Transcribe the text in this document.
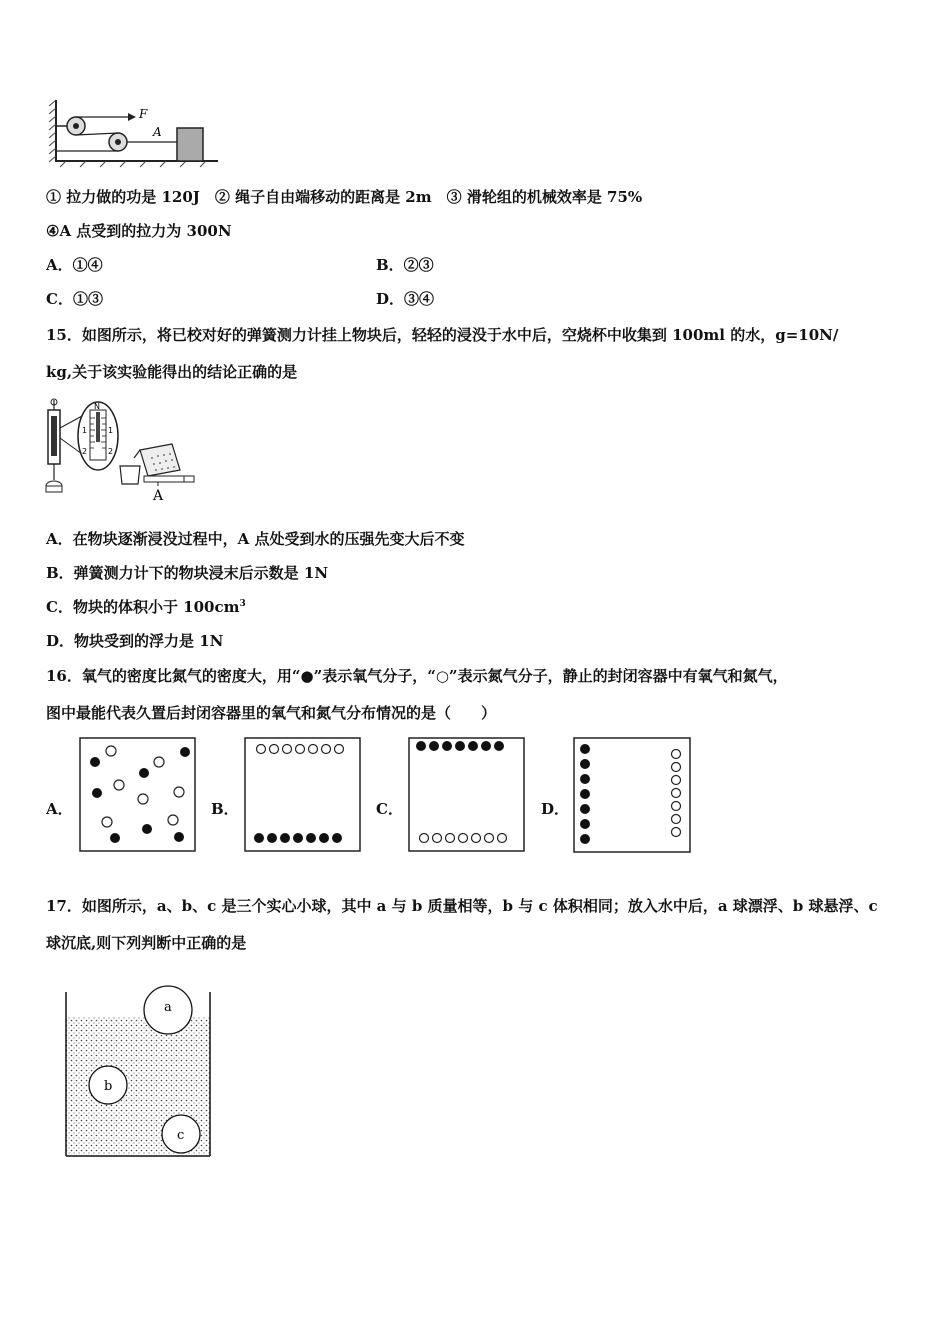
F
A
① 拉力做的功是 120J　② 绳子自由端移动的距离是 2m　③ 滑轮组的机械效率是 75%
④A 点受到的拉力为 300N
A．①④	B．②③
C．①③	D．③④
15．如图所示，将已校对好的弹簧测力计挂上物块后，轻轻的浸没于水中后，空烧杯中收集到 100ml 的水，g=10N/
kg,关于该实验能得出的结论正确的是
N
1	1
2	2
A
A．在物块逐渐浸没过程中，A 点处受到水的压强先变大后不变
B．弹簧测力计下的物块浸末后示数是 1N
C．物块的体积小于 $100cm^3$
D．物块受到的浮力是 1N
16．氧气的密度比氮气的密度大，用“●”表示氧气分子，“○”表示氮气分子，静止的封闭容器中有氧气和氮气，
图中最能代表久置后封闭容器里的氧气和氮气分布情况的是（　　）
A．	B．	C．	D．
17．如图所示，a、b、c 是三个实心小球，其中 a 与 b 质量相等，b 与 c 体积相同；放入水中后，a 球漂浮、b 球悬浮、c
球沉底,则下列判断中正确的是
a
b
c
